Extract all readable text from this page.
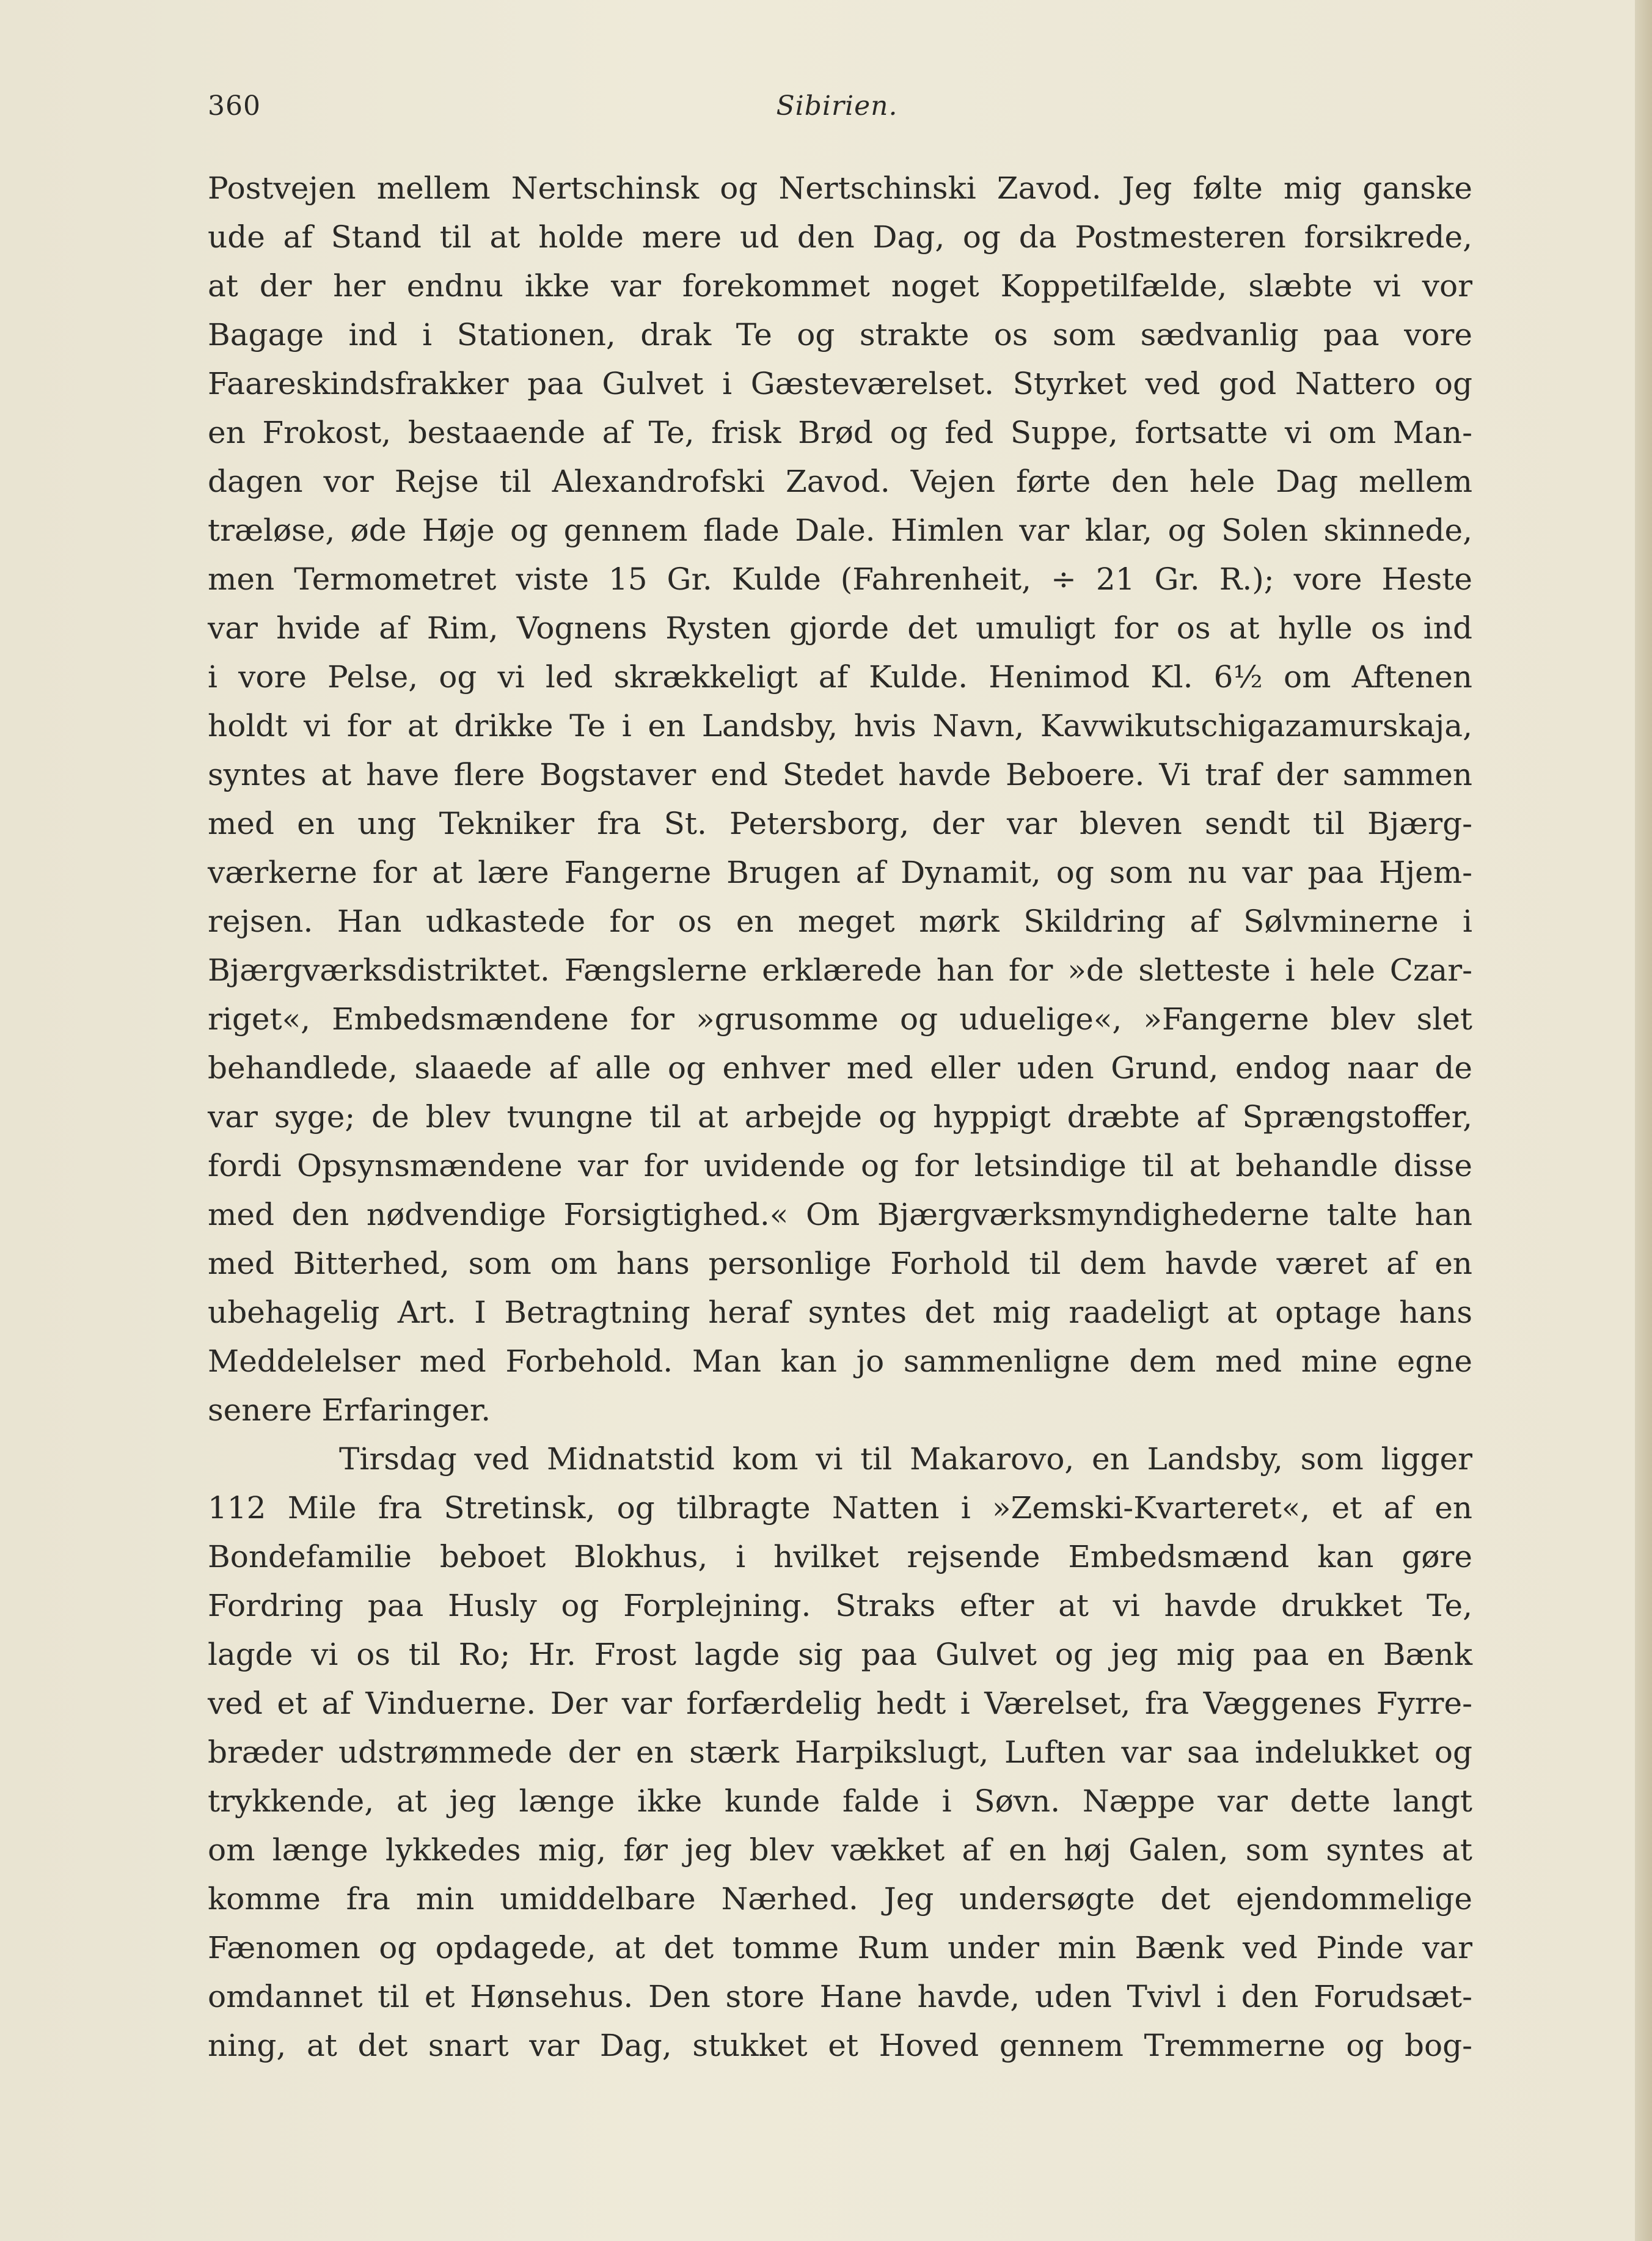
360	Sibirien.
Postvejen mellem Nertschinsk og Nertschinski Zavod. Jeg følte mig ganske
ude af Stand til at holde mere ud den Dag, og da Postmesteren forsikrede,
at der her endnu ikke var forekommet noget Koppetilfælde, slæbte vi vor
Bagage ind i Stationen, drak Te og strakte os som sædvanlig paa vore
Faareskindsfrakker paa Gulvet i Gæsteværelset. Styrket ved god Nattero og
en Frokost, bestaaende af Te, frisk Brød og fed Suppe, fortsatte vi om Man-
dagen vor Rejse til Alexandrofski Zavod. Vejen førte den hele Dag mellem
træløse, øde Høje og gennem flade Dale. Himlen var klar, og Solen skinnede,
men Termometret viste 15 Gr. Kulde (Fahrenheit, ÷ 21 Gr. R.); vore Heste
var hvide af Rim, Vognens Rysten gjorde det umuligt for os at hylle os ind
i vore Pelse, og vi led skrækkeligt af Kulde. Henimod Kl. 6½ om Aftenen
holdt vi for at drikke Te i en Landsby, hvis Navn, Kavwikutschigazamurskaja,
syntes at have flere Bogstaver end Stedet havde Beboere. Vi traf der sammen
med en ung Tekniker fra St. Petersborg, der var bleven sendt til Bjærg-
værkerne for at lære Fangerne Brugen af Dynamit, og som nu var paa Hjem-
rejsen. Han udkastede for os en meget mørk Skildring af Sølvminerne i
Bjærgværksdistriktet. Fængslerne erklærede han for »de sletteste i hele Czar-
riget«, Embedsmændene for »grusomme og uduelige«, »Fangerne blev slet
behandlede, slaaede af alle og enhver med eller uden Grund, endog naar de
var syge; de blev tvungne til at arbejde og hyppigt dræbte af Sprængstoffer,
fordi Opsynsmændene var for uvidende og for letsindige til at behandle disse
med den nødvendige Forsigtighed.« Om Bjærgværksmyndighederne talte han
med Bitterhed, som om hans personlige Forhold til dem havde været af en
ubehagelig Art. I Betragtning heraf syntes det mig raadeligt at optage hans
Meddelelser med Forbehold. Man kan jo sammenligne dem med mine egne
senere Erfaringer.
Tirsdag ved Midnatstid kom vi til Makarovo, en Landsby, som ligger
112 Mile fra Stretinsk, og tilbragte Natten i »Zemski-Kvarteret«, et af en
Bondefamilie beboet Blokhus, i hvilket rejsende Embedsmænd kan gøre
Fordring paa Husly og Forplejning. Straks efter at vi havde drukket Te,
lagde vi os til Ro; Hr. Frost lagde sig paa Gulvet og jeg mig paa en Bænk
ved et af Vinduerne. Der var forfærdelig hedt i Værelset, fra Væggenes Fyrre-
bræder udstrømmede der en stærk Harpikslugt, Luften var saa indelukket og
trykkende, at jeg længe ikke kunde falde i Søvn. Næppe var dette langt
om længe lykkedes mig, før jeg blev vækket af en høj Galen, som syntes at
komme fra min umiddelbare Nærhed. Jeg undersøgte det ejendommelige
Fænomen og opdagede, at det tomme Rum under min Bænk ved Pinde var
omdannet til et Hønsehus. Den store Hane havde, uden Tvivl i den Forudsæt-
ning, at det snart var Dag, stukket et Hoved gennem Tremmerne og bog-
